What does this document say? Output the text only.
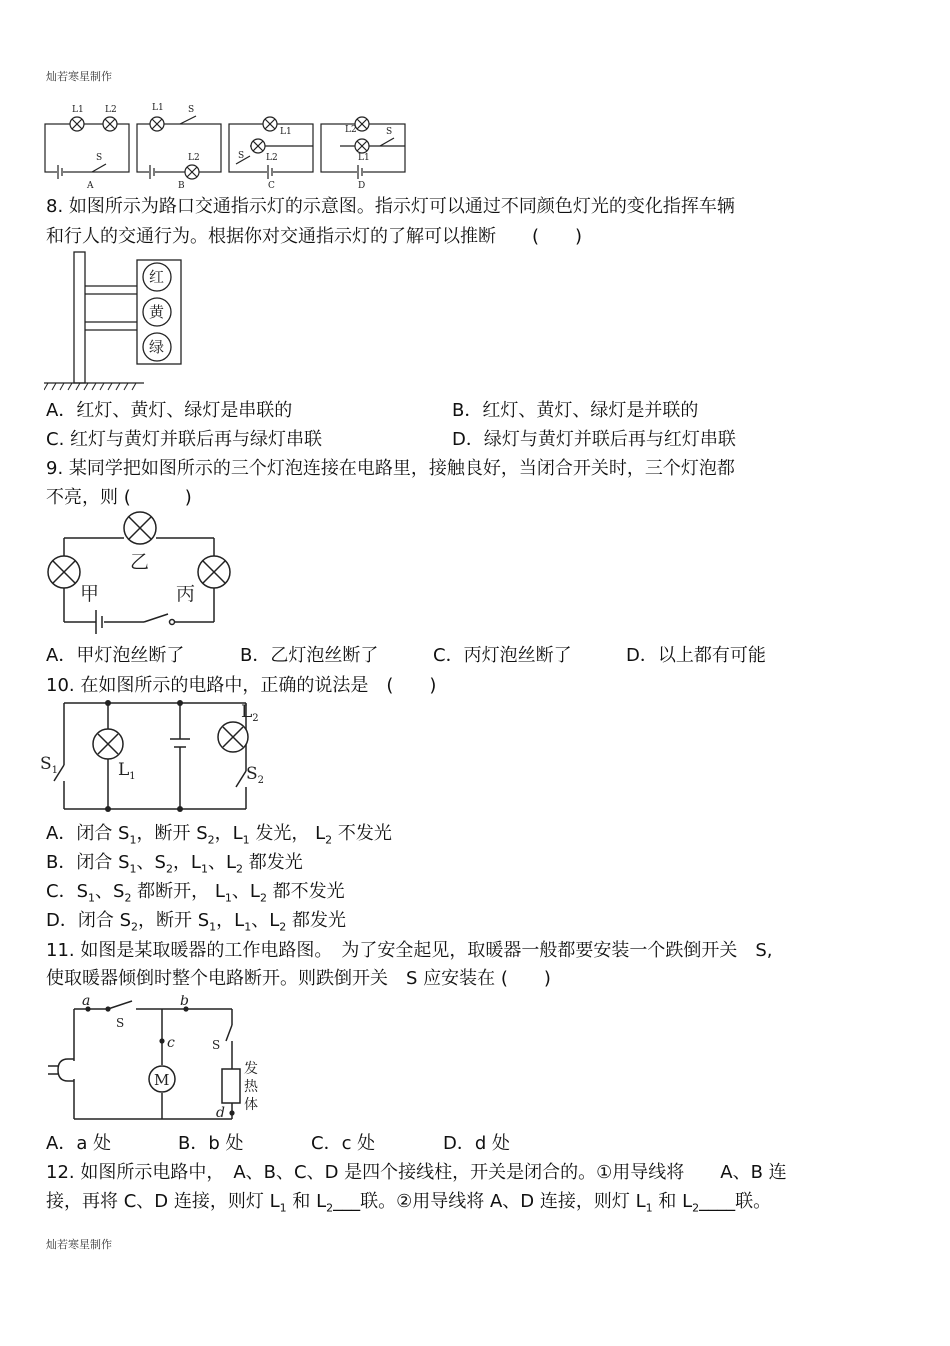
灿若寒星制作
L1 L2
S
L1	S
L2
L1
L2
S
L2	S
L1
A	B	C	D
8. 如图所示为路口交通指示灯的示意图。指示灯可以通过不同颜色灯光的变化指挥车辆
和行人的交通行为。根据你对交通指示灯的了解可以推断　　(　　)
红
黄
绿
A．红灯、黄灯、绿灯是串联的	B．红灯、黄灯、绿灯是并联的
C. 红灯与黄灯并联后再与绿灯串联	D．绿灯与黄灯并联后再与红灯串联
9. 某同学把如图所示的三个灯泡连接在电路里，接触良好，当闭合开关时，三个灯泡都
不亮，则 (　　　)
乙
甲	丙
A．甲灯泡丝断了	B．乙灯泡丝断了	C．丙灯泡丝断了	D．以上都有可能
10. 在如图所示的电路中，正确的说法是　(　　)
$S_1$	$L_1$
$L_2$
$S_2$
A．闭合 $S_1$，断开 $S_2$，$L_1$ 发光， $L_2$ 不发光
B．闭合 $S_1$、$S_2$，$L_1$、$L_2$ 都发光
C．$S_1$、$S_2$ 都断开， $L_1$、$L_2$ 都不发光
D．闭合 $S_2$，断开 $S_1$，$L_1$、$L_2$ 都发光
11. 如图是某取暖器的工作电路图。　为了安全起见，取暖器一般都要安装一个跌倒开关　S,
使取暖器倾倒时整个电路断开。则跌倒开关　S 应安装在 (　　)
a	b
c
d
S
S
M
发
热
体
A．a 处	B．b 处	C．c 处	D．d 处
12. 如图所示电路中，　A、B、C、D 是四个接线柱，开关是闭合的。①用导线将　　A、B 连
接，再将 C、D 连接，则灯 $L_1$ 和 $L_2\_\_\_$联。②用导线将 A、D 连接，则灯 $L_1$ 和 $L_2\_\_\_\_$联。
灿若寒星制作
